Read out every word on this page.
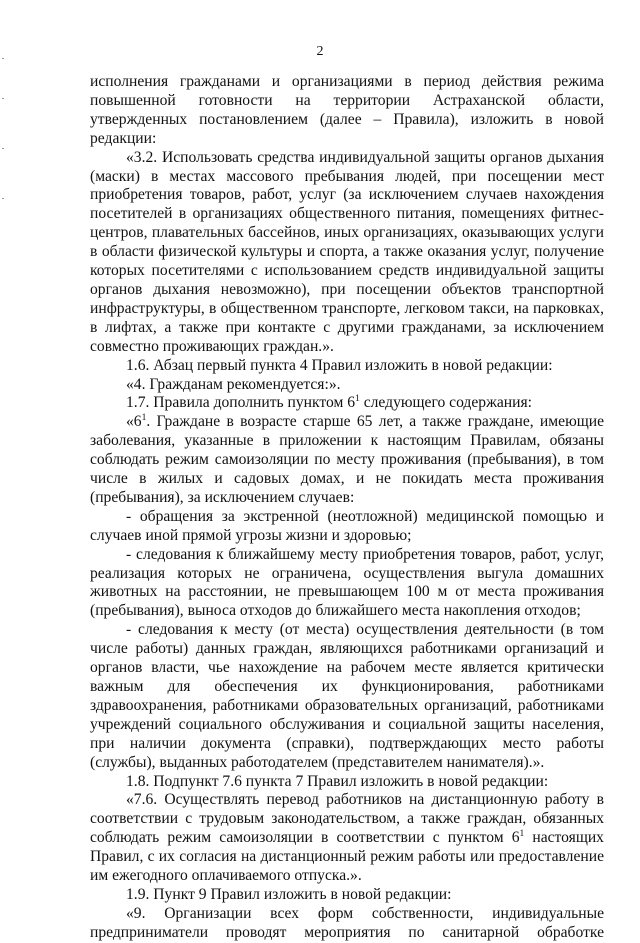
2

исполнения гражданами и организациями в период действия режима повышенной готовности на территории Астраханской области, утвержденных постановлением (далее – Правила), изложить в новой редакции:

«3.2. Использовать средства индивидуальной защиты органов дыхания (маски) в местах массового пребывания людей, при посещении мест приобретения товаров, работ, услуг (за исключением случаев нахождения посетителей в организациях общественного питания, помещениях фитнес-центров, плавательных бассейнов, иных организациях, оказывающих услуги в области физической культуры и спорта, а также оказания услуг, получение которых посетителями с использованием средств индивидуальной защиты органов дыхания невозможно), при посещении объектов транспортной инфраструктуры, в общественном транспорте, легковом такси, на парковках, в лифтах, а также при контакте с другими гражданами, за исключением совместно проживающих граждан.».

1.6. Абзац первый пункта 4 Правил изложить в новой редакции:

«4. Гражданам рекомендуется:».

1.7. Правила дополнить пунктом $6^1$ следующего содержания:

«$6^1$. Граждане в возрасте старше 65 лет, а также граждане, имеющие заболевания, указанные в приложении к настоящим Правилам, обязаны соблюдать режим самоизоляции по месту проживания (пребывания), в том числе в жилых и садовых домах, и не покидать места проживания (пребывания), за исключением случаев:

- обращения за экстренной (неотложной) медицинской помощью и случаев иной прямой угрозы жизни и здоровью;

- следования к ближайшему месту приобретения товаров, работ, услуг, реализация которых не ограничена, осуществления выгула домашних животных на расстоянии, не превышающем 100 м от места проживания (пребывания), выноса отходов до ближайшего места накопления отходов;

- следования к месту (от места) осуществления деятельности (в том числе работы) данных граждан, являющихся работниками организаций и органов власти, чье нахождение на рабочем месте является критически важным для обеспечения их функционирования, работниками здравоохранения, работниками образовательных организаций, работниками учреждений социального обслуживания и социальной защиты населения, при наличии документа (справки), подтверждающих место работы (службы), выданных работодателем (представителем нанимателя).».

1.8. Подпункт 7.6 пункта 7 Правил изложить в новой редакции:

«7.6. Осуществлять перевод работников на дистанционную работу в соответствии с трудовым законодательством, а также граждан, обязанных соблюдать режим самоизоляции в соответствии с пунктом $6^1$ настоящих Правил, с их согласия на дистанционный режим работы или предоставление им ежегодного оплачиваемого отпуска.».

1.9. Пункт 9 Правил изложить в новой редакции:

«9. Организации всех форм собственности, индивидуальные предприниматели проводят мероприятия по санитарной обработке
